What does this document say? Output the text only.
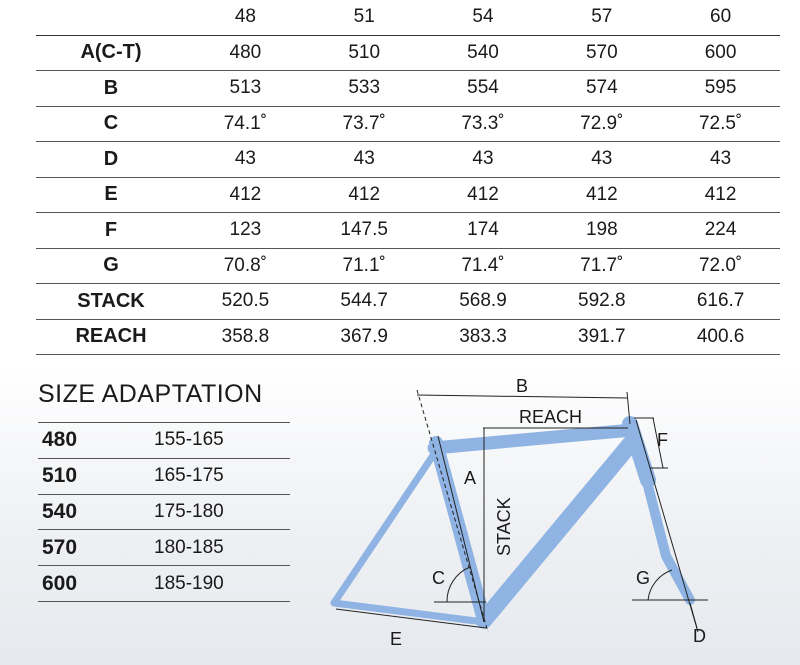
	48	51	54	57	60
A(C-T)	480	510	540	570	600
B	513	533	554	574	595
C	74.1˚	73.7˚	73.3˚	72.9˚	72.5˚
D	43	43	43	43	43
E	412	412	412	412	412
F	123	147.5	174	198	224
G	70.8˚	71.1˚	71.4˚	71.7˚	72.0˚
STACK	520.5	544.7	568.9	592.8	616.7
REACH	358.8	367.9	383.3	391.7	400.6
SIZE ADAPTATION
480	155-165
510	165-175
540	175-180
570	180-185
600	185-190
B
REACH
A
STACK
F
C	G
E	D
